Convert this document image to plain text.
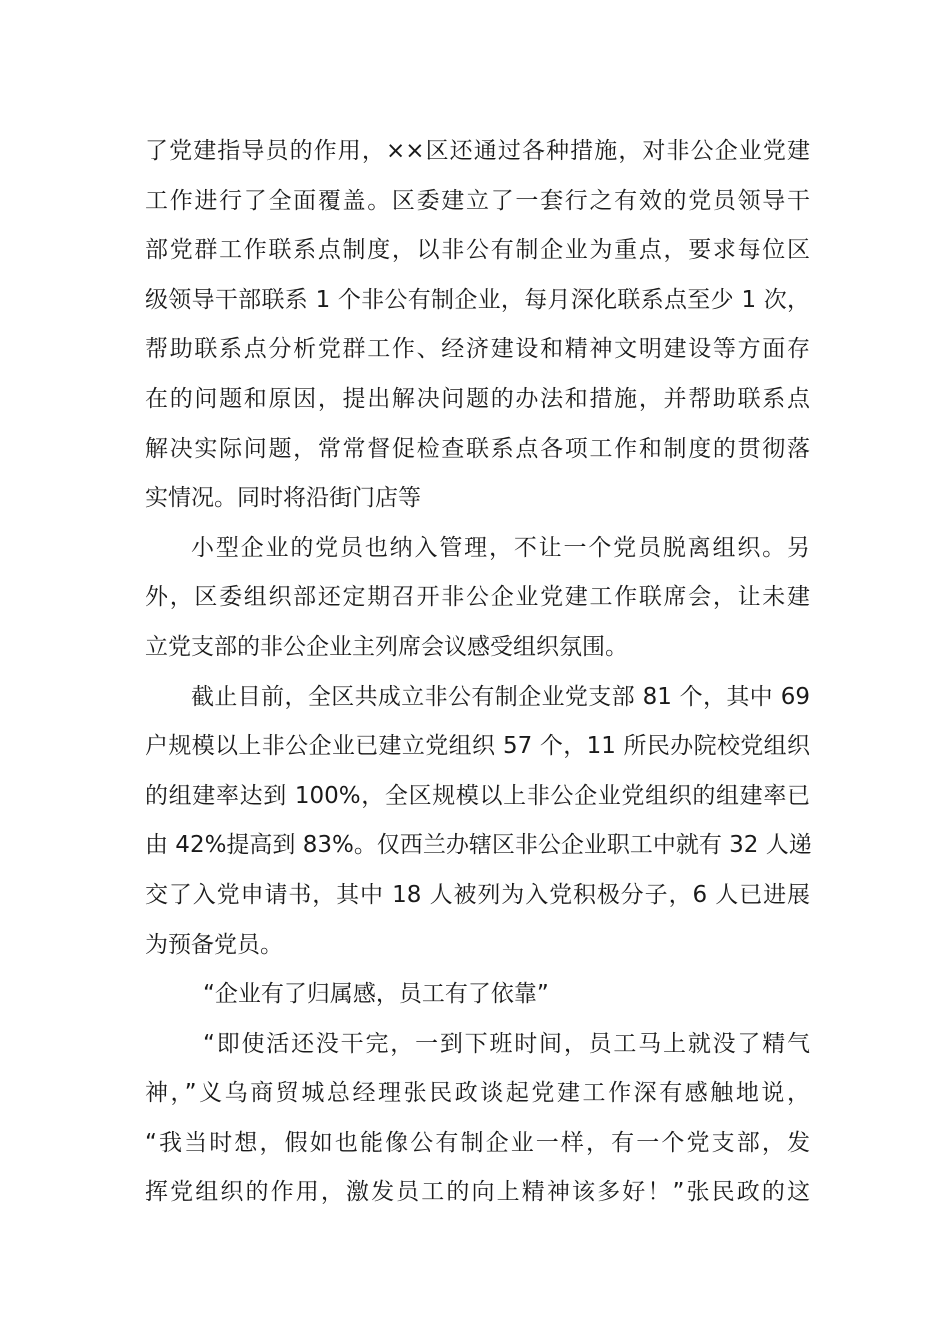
了党建指导员的作用，××区还通过各种措施，对非公企业党建
工作进行了全面覆盖。区委建立了一套行之有效的党员领导干
部党群工作联系点制度，以非公有制企业为重点，要求每位区
级领导干部联系 1 个非公有制企业，每月深化联系点至少 1 次，
帮助联系点分析党群工作、经济建设和精神文明建设等方面存
在的问题和原因，提出解决问题的办法和措施，并帮助联系点
解决实际问题，常常督促检查联系点各项工作和制度的贯彻落
实情况。同时将沿街门店等
小型企业的党员也纳入管理，不让一个党员脱离组织。另
外，区委组织部还定期召开非公企业党建工作联席会，让未建
立党支部的非公企业主列席会议感受组织氛围。
截止目前，全区共成立非公有制企业党支部 81 个，其中 69
户规模以上非公企业已建立党组织 57 个，11 所民办院校党组织
的组建率达到 100%，全区规模以上非公企业党组织的组建率已
由 42%提高到 83%。仅西兰办辖区非公企业职工中就有 32 人递
交了入党申请书，其中 18 人被列为入党积极分子，6 人已进展
为预备党员。
“企业有了归属感，员工有了依靠”
“即使活还没干完，一到下班时间，员工马上就没了精气
神，”义乌商贸城总经理张民政谈起党建工作深有感触地说，
“我当时想，假如也能像公有制企业一样，有一个党支部，发
挥党组织的作用，激发员工的向上精神该多好！”张民政的这
